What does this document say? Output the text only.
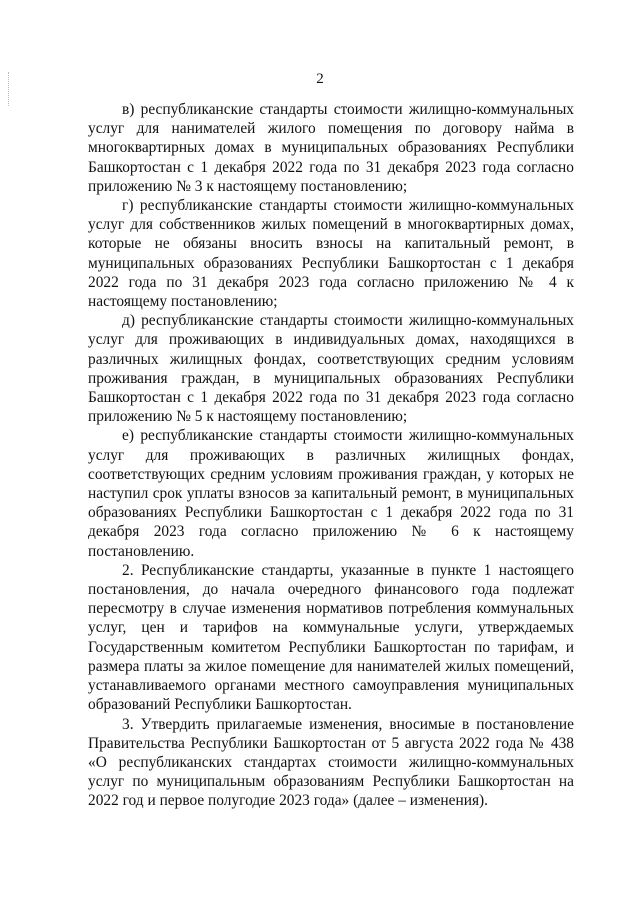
2

в) республиканские стандарты стоимости жилищно-коммунальных услуг для нанимателей жилого помещения по договору найма в многоквартирных домах в муниципальных образованиях Республики Башкортостан с 1 декабря 2022 года по 31 декабря 2023 года согласно приложению № 3 к настоящему постановлению;

г) республиканские стандарты стоимости жилищно-коммунальных услуг для собственников жилых помещений в многоквартирных домах, которые не обязаны вносить взносы на капитальный ремонт, в муниципальных образованиях Республики Башкортостан с 1 декабря 2022 года по 31 декабря 2023 года согласно приложению № 4 к настоящему постановлению;

д) республиканские стандарты стоимости жилищно-коммунальных услуг для проживающих в индивидуальных домах, находящихся в различных жилищных фондах, соответствующих средним условиям проживания граждан, в муниципальных образованиях Республики Башкортостан с 1 декабря 2022 года по 31 декабря 2023 года согласно приложению № 5 к настоящему постановлению;

е) республиканские стандарты стоимости жилищно-коммунальных услуг для проживающих в различных жилищных фондах, соответствующих средним условиям проживания граждан, у которых не наступил срок уплаты взносов за капитальный ремонт, в муниципальных образованиях Республики Башкортостан с 1 декабря 2022 года по 31 декабря 2023 года согласно приложению № 6 к настоящему постановлению.

2. Республиканские стандарты, указанные в пункте 1 настоящего постановления, до начала очередного финансового года подлежат пересмотру в случае изменения нормативов потребления коммунальных услуг, цен и тарифов на коммунальные услуги, утверждаемых Государственным комитетом Республики Башкортостан по тарифам, и размера платы за жилое помещение для нанимателей жилых помещений, устанавливаемого органами местного самоуправления муниципальных образований Республики Башкортостан.

3. Утвердить прилагаемые изменения, вносимые в постановление Правительства Республики Башкортостан от 5 августа 2022 года № 438 «О республиканских стандартах стоимости жилищно-коммунальных услуг по муниципальным образованиям Республики Башкортостан на 2022 год и первое полугодие 2023 года» (далее – изменения).
